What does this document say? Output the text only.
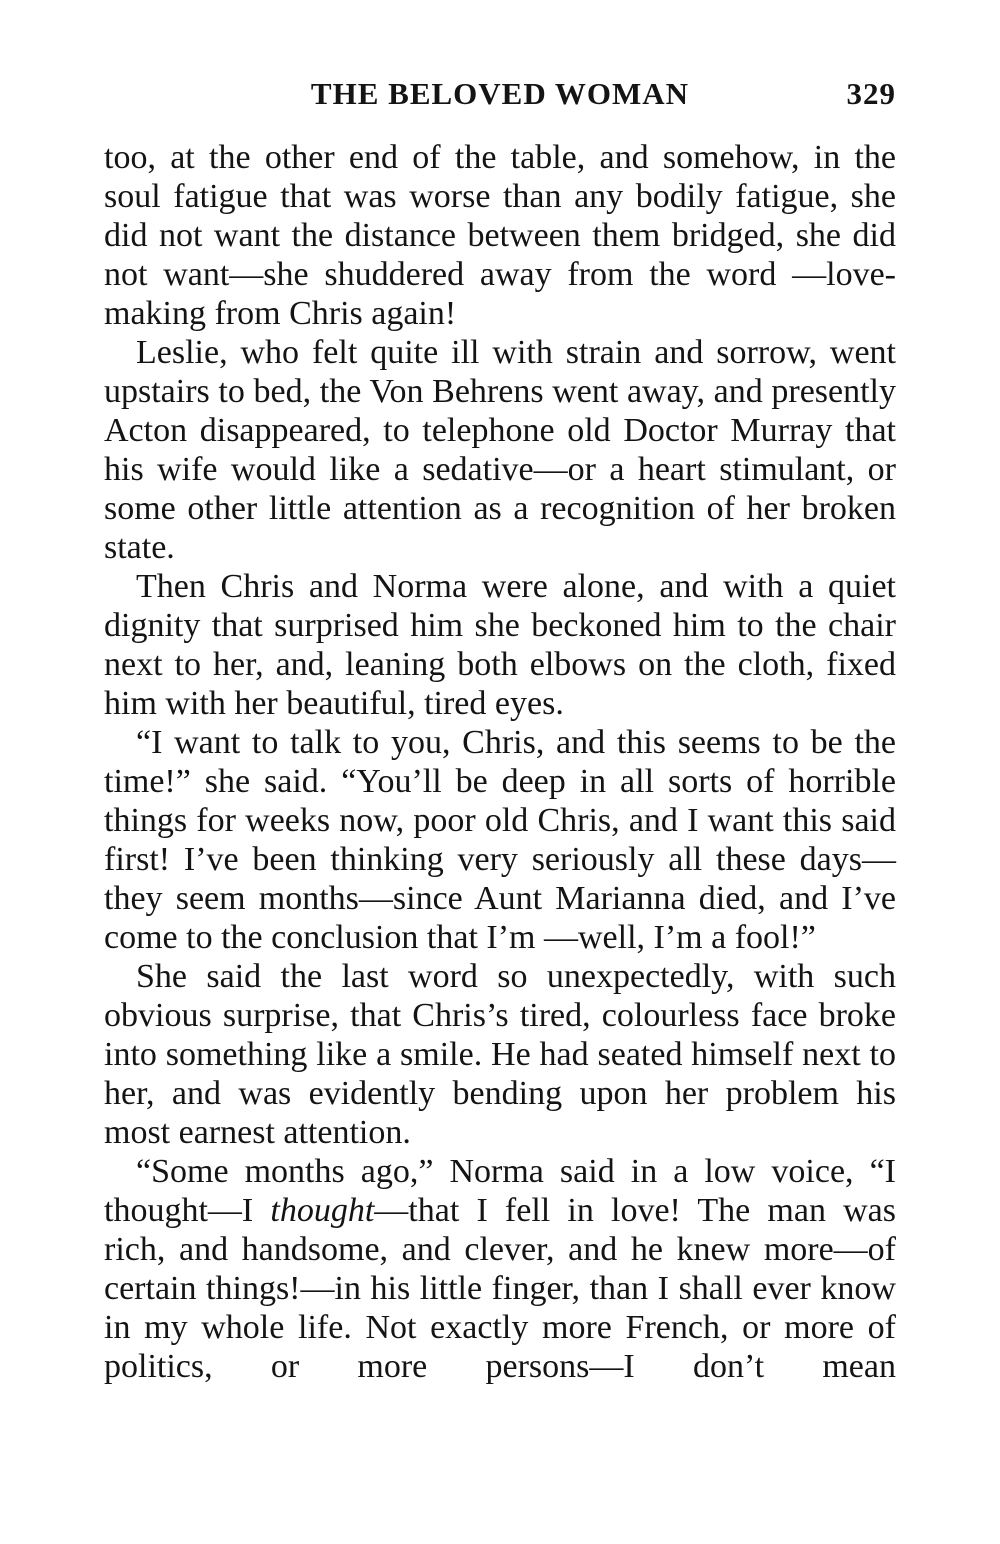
THE BELOVED WOMAN	329

too, at the other end of the table, and somehow, in the soul fatigue that was worse than any bodily fatigue, she did not want the distance between them bridged, she did not want—she shuddered away from the word —love-making from Chris again!

Leslie, who felt quite ill with strain and sorrow, went upstairs to bed, the Von Behrens went away, and presently Acton disappeared, to telephone old Doctor Murray that his wife would like a sedative—or a heart stimulant, or some other little attention as a recognition of her broken state.

Then Chris and Norma were alone, and with a quiet dignity that surprised him she beckoned him to the chair next to her, and, leaning both elbows on the cloth, fixed him with her beautiful, tired eyes.

“I want to talk to you, Chris, and this seems to be the time!” she said. “You’ll be deep in all sorts of horrible things for weeks now, poor old Chris, and I want this said first! I’ve been thinking very seriously all these days—they seem months—since Aunt Marianna died, and I’ve come to the conclusion that I’m —well, I’m a fool!”

She said the last word so unexpectedly, with such obvious surprise, that Chris’s tired, colourless face broke into something like a smile. He had seated himself next to her, and was evidently bending upon her problem his most earnest attention.

“Some months ago,” Norma said in a low voice, “I thought—I thought—that I fell in love! The man was rich, and handsome, and clever, and he knew more—of certain things!—in his little finger, than I shall ever know in my whole life. Not exactly more French, or more of politics, or more persons—I don’t mean
